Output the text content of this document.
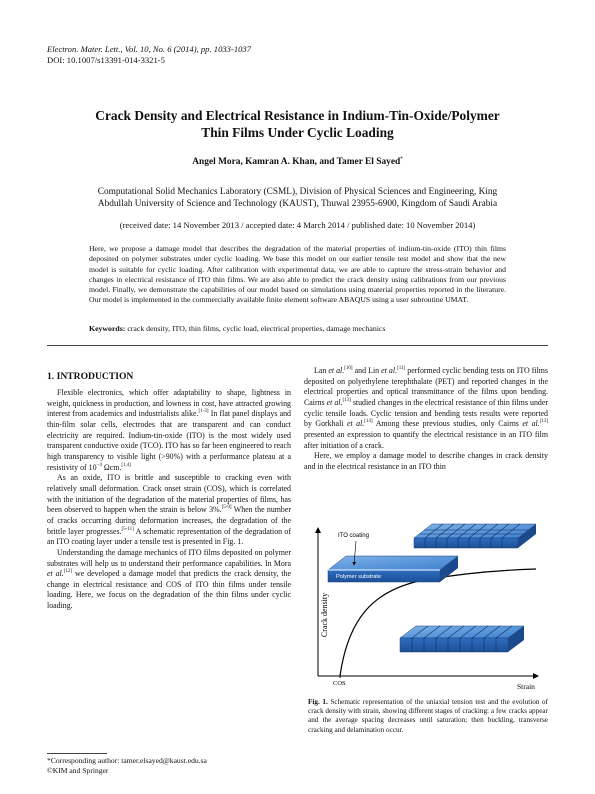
Electron. Mater. Lett., Vol. 10, No. 6 (2014), pp. 1033-1037
DOI: 10.1007/s13391-014-3321-5
Crack Density and Electrical Resistance in Indium-Tin-Oxide/Polymer
Thin Films Under Cyclic Loading
Angel Mora, Kamran A. Khan, and Tamer El Sayed*
Computational Solid Mechanics Laboratory (CSML), Division of Physical Sciences and Engineering, King
Abdullah University of Science and Technology (KAUST), Thuwal 23955-6900, Kingdom of Saudi Arabia
(received date: 14 November 2013 / accepted date: 4 March 2014 / published date: 10 November 2014)
Here, we propose a damage model that describes the degradation of the material properties of indium-tin-oxide (ITO) thin films deposited on polymer substrates under cyclic loading. We base this model on our earlier tensile test model and show that the new model is suitable for cyclic loading. After calibration with experimental data, we are able to capture the stress-strain behavior and changes in electrical resistance of ITO thin films. We are also able to predict the crack density using calibrations from our previous model. Finally, we demonstrate the capabilities of our model based on simulations using material properties reported in the literature. Our model is implemented in the commercially available finite element software ABAQUS using a user subroutine UMAT.
Keywords: crack density, ITO, thin films, cyclic load, electrical properties, damage mechanics
1. INTRODUCTION

Flexible electronics, which offer adaptability to shape, lightness in weight, quickness in production, and lowness in cost, have attracted growing interest from academics and industrialists alike.[1-3] In flat panel displays and thin-film solar cells, electrodes that are transparent and can conduct electricity are required. Indium-tin-oxide (ITO) is the most widely used transparent conductive oxide (TCO). ITO has so far been engineered to reach high transparency to visible light (>90%) with a performance plateau at a resistivity of $10^{-4}$ Ωcm.[1,4]

As an oxide, ITO is brittle and susceptible to cracking even with relatively small deformation. Crack onset strain (COS), which is correlated with the initiation of the degradation of the material properties of films, has been observed to happen when the strain is below 3%.[5-9] When the number of cracks occurring during deformation increases, the degradation of the brittle layer progresses.[5-11] A schematic representation of the degradation of an ITO coating layer under a tensile test is presented in Fig. 1.

Understanding the damage mechanics of ITO films deposited on polymer substrates will help us to understand their performance capabilities. In Mora et al.[12] we developed a damage model that predicts the crack density, the change in electrical resistance and COS of ITO thin films under tensile loading. Here, we focus on the degradation of the thin films under cyclic loading.

Lan et al.[10] and Lin et al.[11] performed cyclic bending tests on ITO films deposited on polyethylene terephthalate (PET) and reported changes in the electrical properties and optical transmittance of the films upon bending. Cairns et al.[13] studied changes in the electrical resistance of thin films under cyclic tensile loads. Cyclic tension and bending tests results were reported by Gorkhali et al.[14] Among these previous studies, only Cairns et al.[13] presented an expression to quantify the electrical resistance in an ITO film after initiation of a crack.

Here, we employ a damage model to describe changes in crack density and in the electrical resistance in an ITO thin

Crack density
Strain
COS
Polymer substrate
ITO coating
Fig. 1. Schematic representation of the uniaxial tension test and the evolution of crack density with strain, showing different stages of cracking: a few cracks appear and the average spacing decreases until saturation; then buckling, transverse cracking and delamination occur.
*Corresponding author: tamer.elsayed@kaust.edu.sa
©KIM and Springer
